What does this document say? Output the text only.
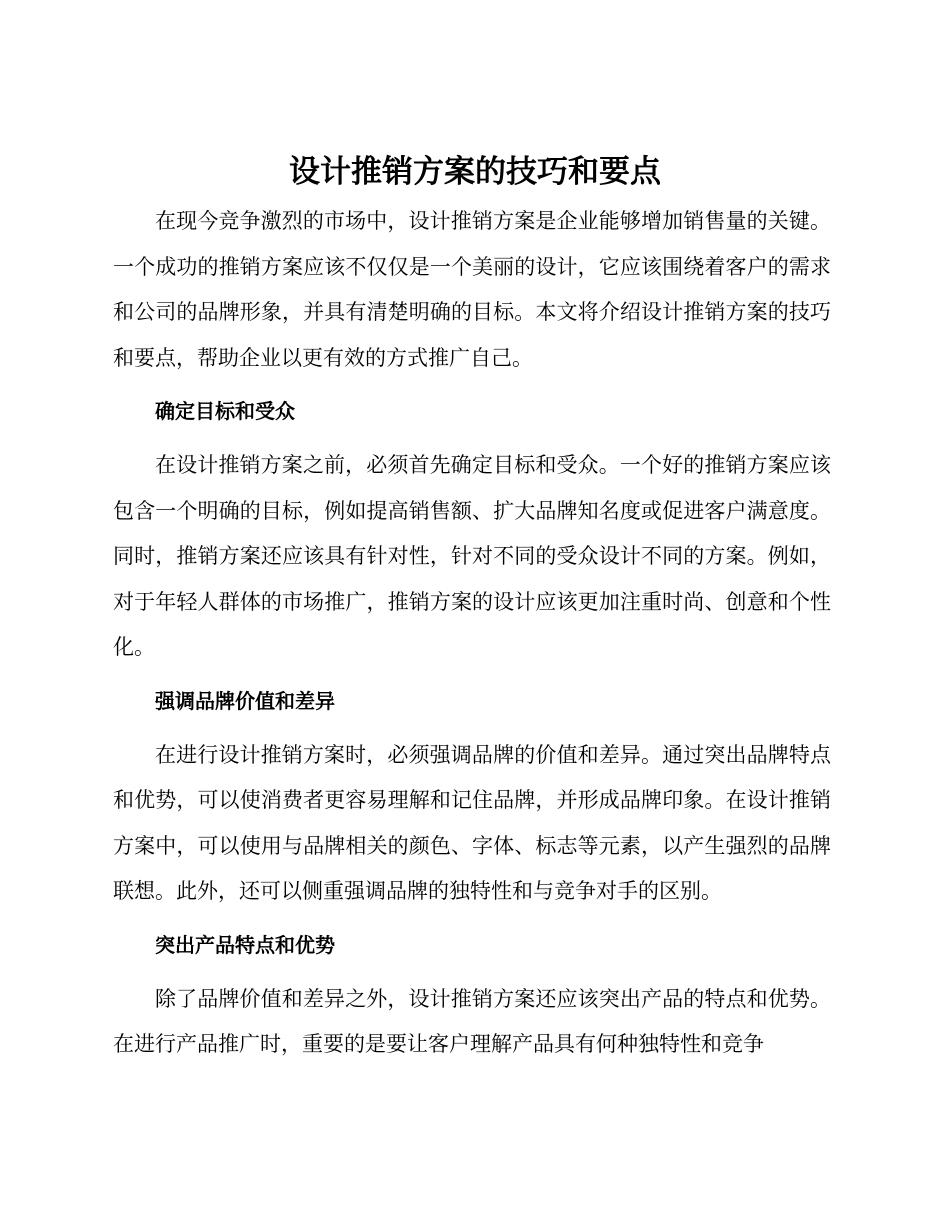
设计推销方案的技巧和要点

在现今竞争激烈的市场中，设计推销方案是企业能够增加销售量的关键。一个成功的推销方案应该不仅仅是一个美丽的设计，它应该围绕着客户的需求和公司的品牌形象，并具有清楚明确的目标。本文将介绍设计推销方案的技巧和要点，帮助企业以更有效的方式推广自己。

确定目标和受众

在设计推销方案之前，必须首先确定目标和受众。一个好的推销方案应该包含一个明确的目标，例如提高销售额、扩大品牌知名度或促进客户满意度。同时，推销方案还应该具有针对性，针对不同的受众设计不同的方案。例如，对于年轻人群体的市场推广，推销方案的设计应该更加注重时尚、创意和个性化。

强调品牌价值和差异

在进行设计推销方案时，必须强调品牌的价值和差异。通过突出品牌特点和优势，可以使消费者更容易理解和记住品牌，并形成品牌印象。在设计推销方案中，可以使用与品牌相关的颜色、字体、标志等元素，以产生强烈的品牌联想。此外，还可以侧重强调品牌的独特性和与竞争对手的区别。

突出产品特点和优势

除了品牌价值和差异之外，设计推销方案还应该突出产品的特点和优势。在进行产品推广时，重要的是要让客户理解产品具有何种独特性和竞争
